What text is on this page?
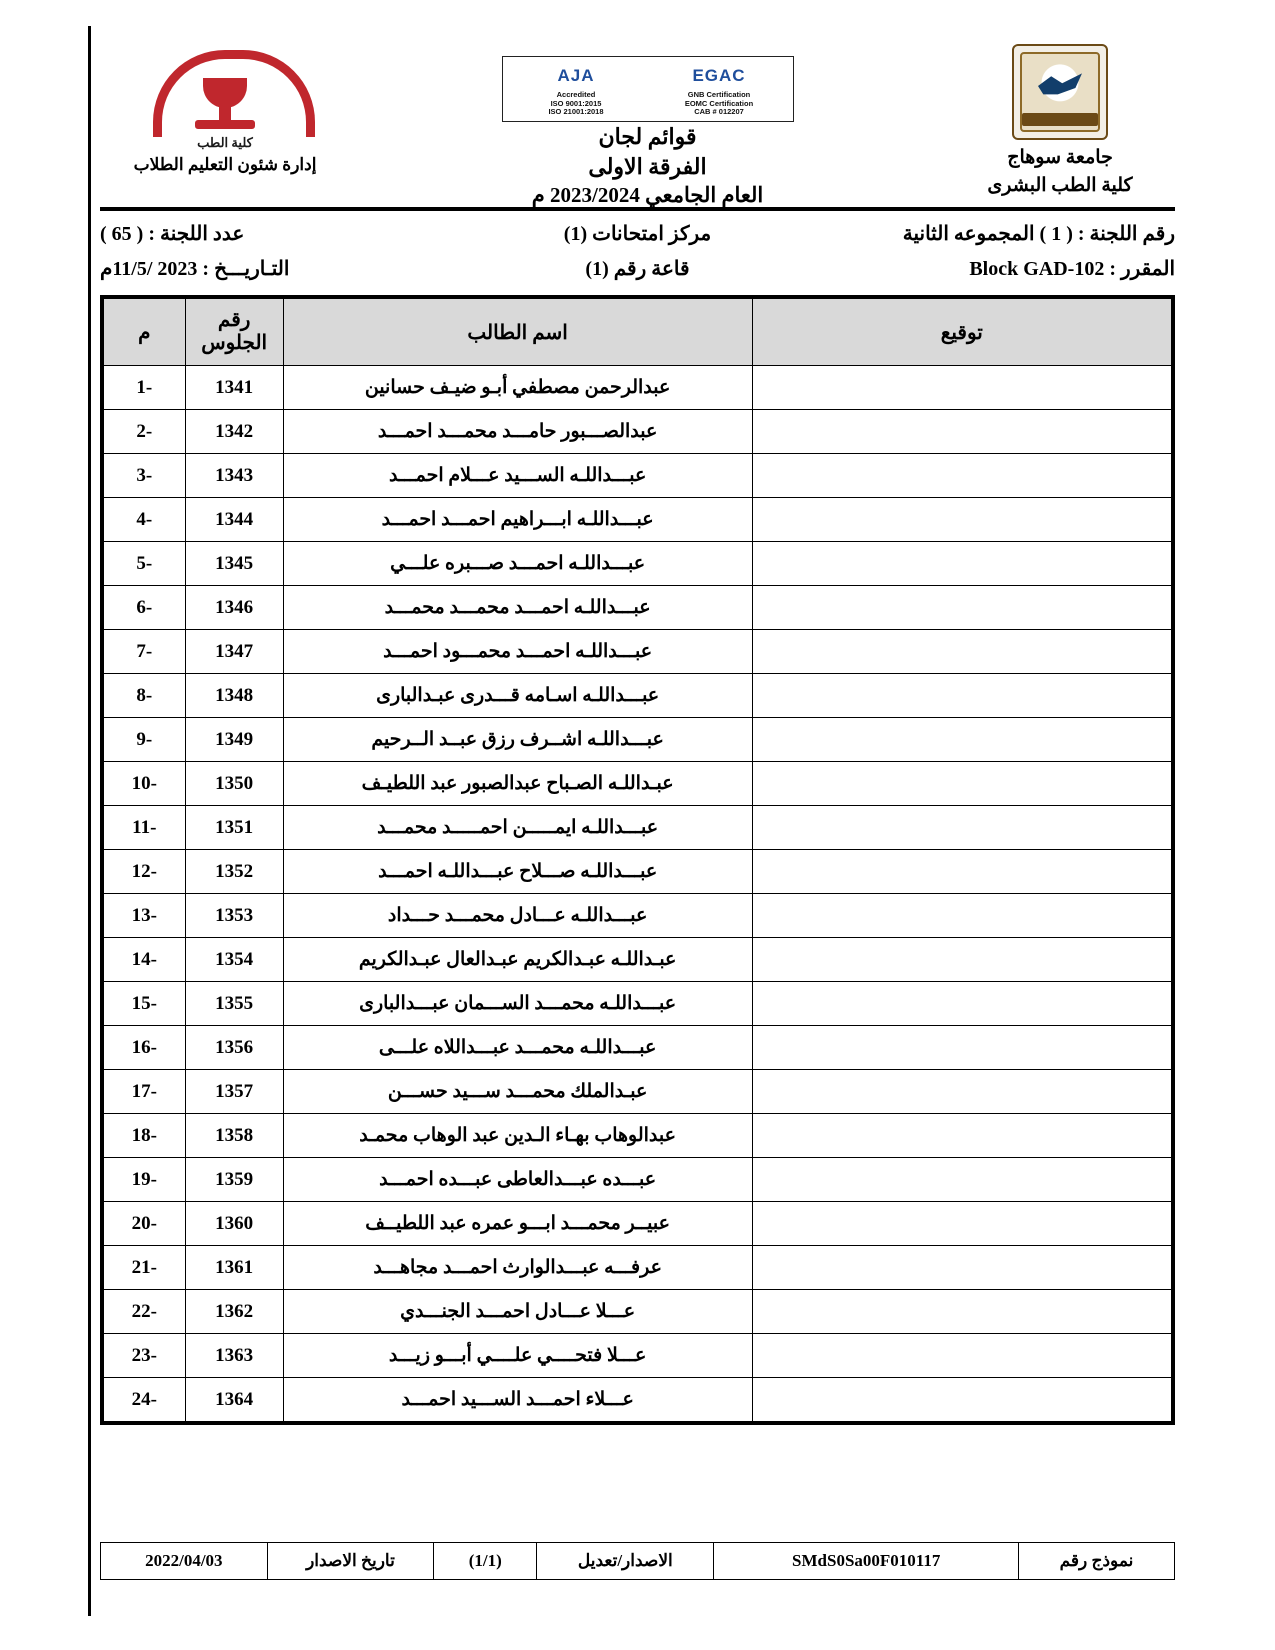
جامعة سوهاج
كلية الطب البشرى
EGAC
GNB Certification
EOMC Certification
CAB # 012207
AJA
Accredited
ISO 9001:2015
ISO 21001:2018
قوائم لجان
الفرقة الاولى
العام الجامعي 2023/2024 م
كلية الطب
إدارة شئون التعليم الطلاب
رقم اللجنة : ( 1 ) المجموعه الثانية
مركز امتحانات (1)
عدد اللجنة : ( 65 )
المقرر : Block GAD-102
قاعة رقم (1)
التـاريـــخ : 2023 /11/5م
توقيع	اسم الطالب	رقم الجلوس	م
	عبدالرحمن مصطفي أبـو ضيـف حسانين	1341	-1
	عبدالصـــبور حامـــد محمـــد احمـــد	1342	-2
	عبـــداللـه الســـيد عـــلام احمـــد	1343	-3
	عبـــداللـه ابـــراهيم احمـــد احمـــد	1344	-4
	عبـــداللـه احمـــد صـــبره علـــي	1345	-5
	عبـــداللـه احمـــد محمـــد محمـــد	1346	-6
	عبـــداللـه احمـــد محمـــود احمـــد	1347	-7
	عبـــداللـه اسـامه قـــدرى عبـدالبارى	1348	-8
	عبـــداللـه اشــرف رزق عبــد الــرحيم	1349	-9
	عبـداللـه الصـباح عبدالصبور عبد اللطيـف	1350	-10
	عبـــداللـه ايمـــــن احمـــــد محمـــد	1351	-11
	عبـــداللـه صـــلاح عبـــداللـه احمـــد	1352	-12
	عبـــداللـه عـــادل محمـــد حـــداد	1353	-13
	عبـداللـه عبـدالكريم عبـدالعال عبـدالكريم	1354	-14
	عبـــداللـه محمـــد الســـمان عبـــدالبارى	1355	-15
	عبـــداللـه محمـــد عبـــداللاه علـــى	1356	-16
	عبـدالملك محمـــد ســـيد حســـن	1357	-17
	عبدالوهاب بهـاء الـدين عبد الوهاب محمـد	1358	-18
	عبـــده عبـــدالعاطى عبـــده احمـــد	1359	-19
	عبيــر محمـــد ابـــو عمره عبد اللطيــف	1360	-20
	عرفـــه عبـــدالوارث احمـــد مجاهـــد	1361	-21
	عـــلا عـــادل احمـــد الجنـــدي	1362	-22
	عـــلا فتحــــي علــــي أبـــو زيـــد	1363	-23
	عـــلاء احمـــد الســـيد احمـــد	1364	-24
نموذج رقم	SMdS0Sa00F010117	الاصدار/تعديل	(1/1)	تاريخ الاصدار	2022/04/03
